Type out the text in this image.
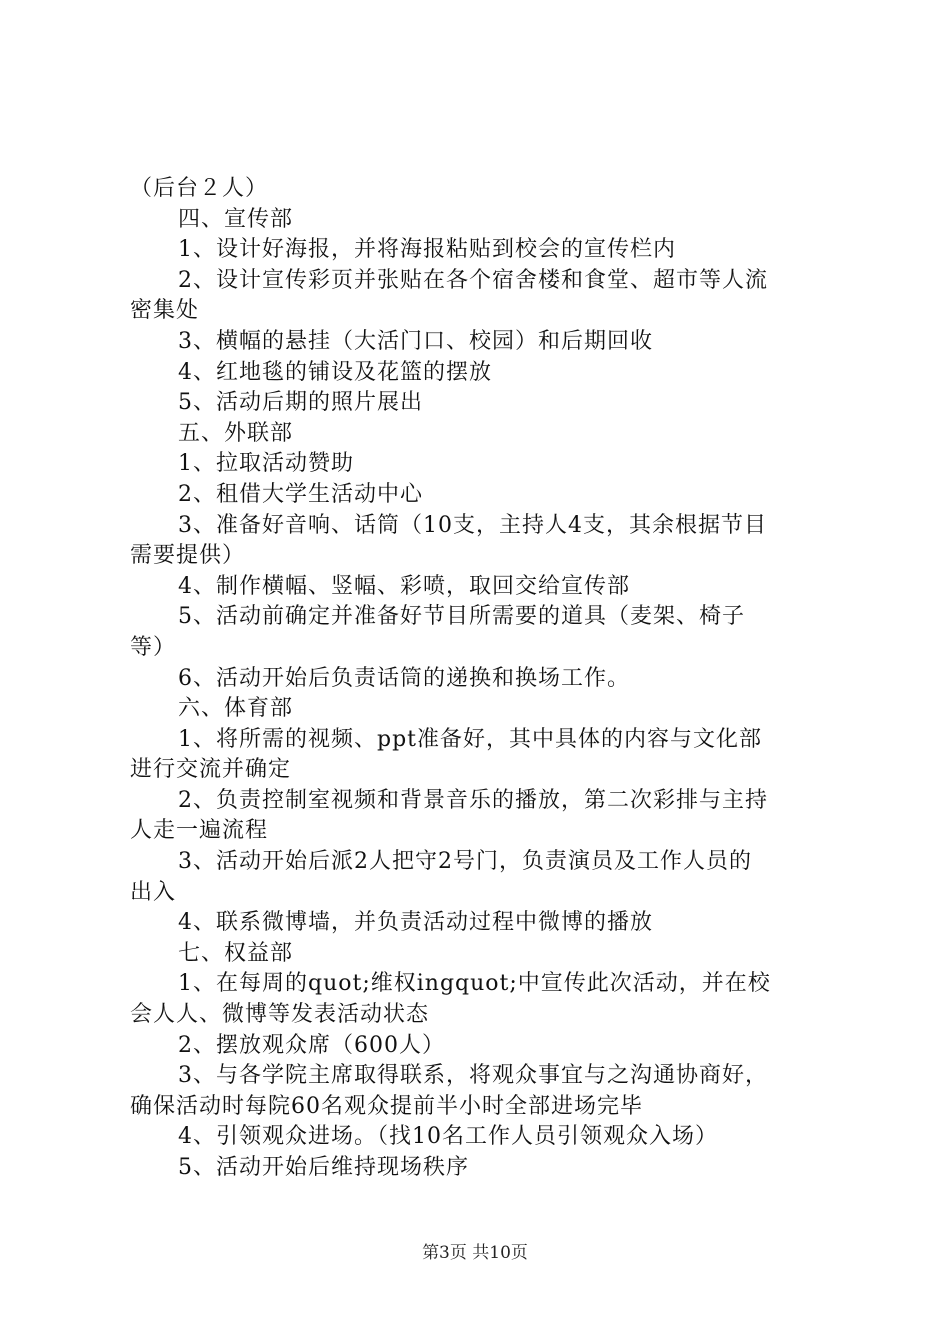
（后台２人）
四、宣传部
1、设计好海报，并将海报粘贴到校会的宣传栏内
2、设计宣传彩页并张贴在各个宿舍楼和食堂、超市等人流
密集处
3、横幅的悬挂（大活门口、校园）和后期回收
4、红地毯的铺设及花篮的摆放
5、活动后期的照片展出
五、外联部
1、拉取活动赞助
2、租借大学生活动中心
3、准备好音响、话筒（10支，主持人4支，其余根据节目
需要提供）
4、制作横幅、竖幅、彩喷，取回交给宣传部
5、活动前确定并准备好节目所需要的道具（麦架、椅子
等）
6、活动开始后负责话筒的递换和换场工作。
六、体育部
1、将所需的视频、ppt准备好，其中具体的内容与文化部
进行交流并确定
2、负责控制室视频和背景音乐的播放，第二次彩排与主持
人走一遍流程
3、活动开始后派2人把守2号门，负责演员及工作人员的
出入
4、联系微博墙，并负责活动过程中微博的播放
七、权益部
1、在每周的quot;维权ingquot;中宣传此次活动，并在校
会人人、微博等发表活动状态
2、摆放观众席（600人）
3、与各学院主席取得联系，将观众事宜与之沟通协商好，
确保活动时每院60名观众提前半小时全部进场完毕
4、引领观众进场。（找10名工作人员引领观众入场）
5、活动开始后维持现场秩序
第3页 共10页
